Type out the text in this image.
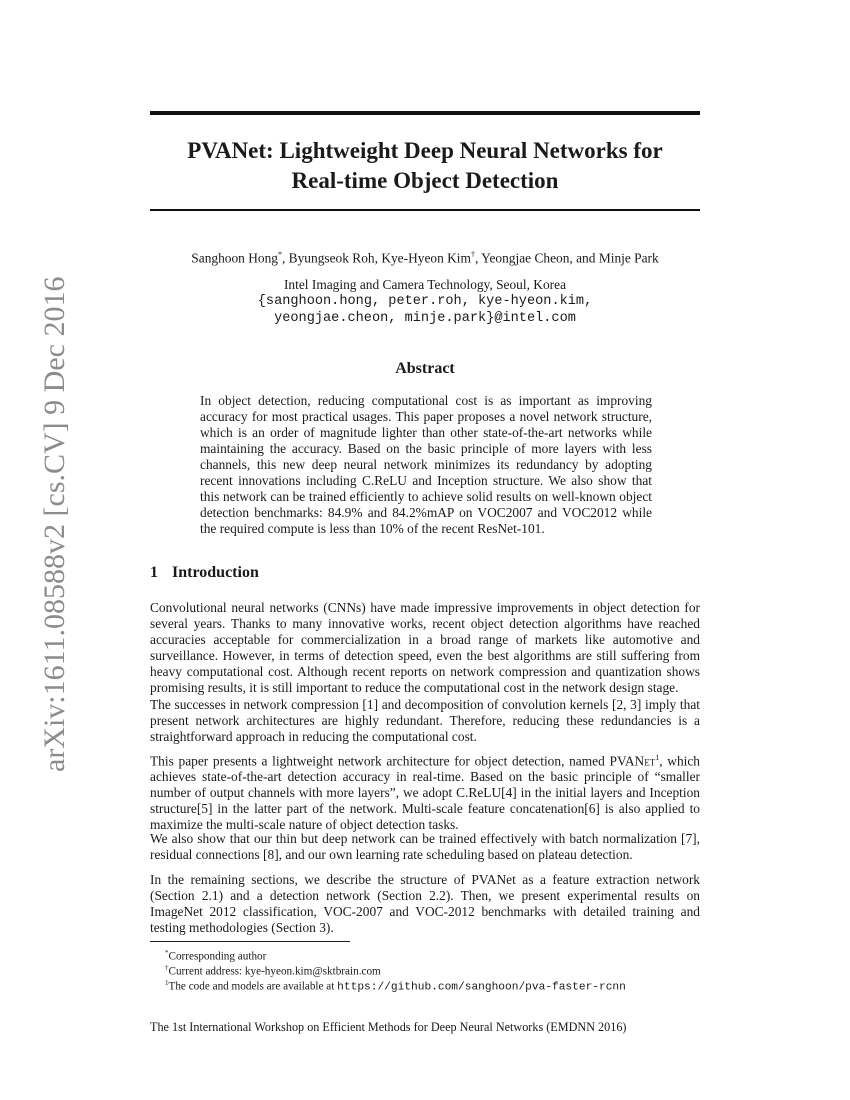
arXiv:1611.08588v2 [cs.CV] 9 Dec 2016
PVANet: Lightweight Deep Neural Networks for
Real-time Object Detection
Sanghoon Hong*, Byungseok Roh, Kye-Hyeon Kim†, Yeongjae Cheon, and Minje Park
Intel Imaging and Camera Technology, Seoul, Korea
{sanghoon.hong, peter.roh, kye-hyeon.kim,
yeongjae.cheon, minje.park}@intel.com
Abstract

In object detection, reducing computational cost is as important as improving accuracy for most practical usages. This paper proposes a novel network structure, which is an order of magnitude lighter than other state-of-the-art networks while maintaining the accuracy. Based on the basic principle of more layers with less channels, this new deep neural network minimizes its redundancy by adopting recent innovations including C.ReLU and Inception structure. We also show that this network can be trained efficiently to achieve solid results on well-known object detection benchmarks: 84.9% and 84.2%mAP on VOC2007 and VOC2012 while the required compute is less than 10% of the recent ResNet-101.

1 Introduction

Convolutional neural networks (CNNs) have made impressive improvements in object detection for several years. Thanks to many innovative works, recent object detection algorithms have reached accuracies acceptable for commercialization in a broad range of markets like automotive and surveillance. However, in terms of detection speed, even the best algorithms are still suffering from heavy computational cost. Although recent reports on network compression and quantization shows promising results, it is still important to reduce the computational cost in the network design stage.

The successes in network compression [1] and decomposition of convolution kernels [2, 3] imply that present network architectures are highly redundant. Therefore, reducing these redundancies is a straightforward approach in reducing the computational cost.

This paper presents a lightweight network architecture for object detection, named PVANet$^1$, which achieves state-of-the-art detection accuracy in real-time. Based on the basic principle of “smaller number of output channels with more layers”, we adopt C.ReLU[4] in the initial layers and Inception structure[5] in the latter part of the network. Multi-scale feature concatenation[6] is also applied to maximize the multi-scale nature of object detection tasks.

We also show that our thin but deep network can be trained effectively with batch normalization [7], residual connections [8], and our own learning rate scheduling based on plateau detection.

In the remaining sections, we describe the structure of PVANet as a feature extraction network (Section 2.1) and a detection network (Section 2.2). Then, we present experimental results on ImageNet 2012 classification, VOC-2007 and VOC-2012 benchmarks with detailed training and testing methodologies (Section 3).

*Corresponding author
†Current address: kye-hyeon.kim@sktbrain.com
$^1$The code and models are available at https://github.com/sanghoon/pva-faster-rcnn
The 1st International Workshop on Efficient Methods for Deep Neural Networks (EMDNN 2016)
